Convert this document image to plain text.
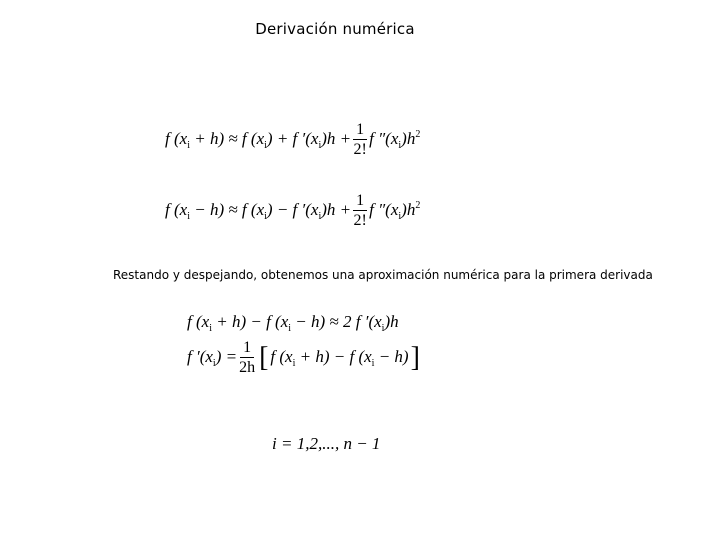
Derivación numérica
f $(x_i + h) \approx f$ $(x_i) + f$ $'(x_i)h + \frac{1}{2!}$ f $''(x_i)h^2$
f $(x_i - h) \approx f$ $(x_i) - f$ $'(x_i)h + \frac{1}{2!}$ f $''(x_i)h^2$
Restando y despejando, obtenemos una aproximación numérica para la primera derivada
f $(x_i + h) - f$ $(x_i - h) \approx 2$ f $'(x_i)h$
f $'(x_i) = \frac{1}{2h}$ [ f $(x_i + h) - f$ $(x_i - h)$ ]
i = 1,2,..., n − 1
